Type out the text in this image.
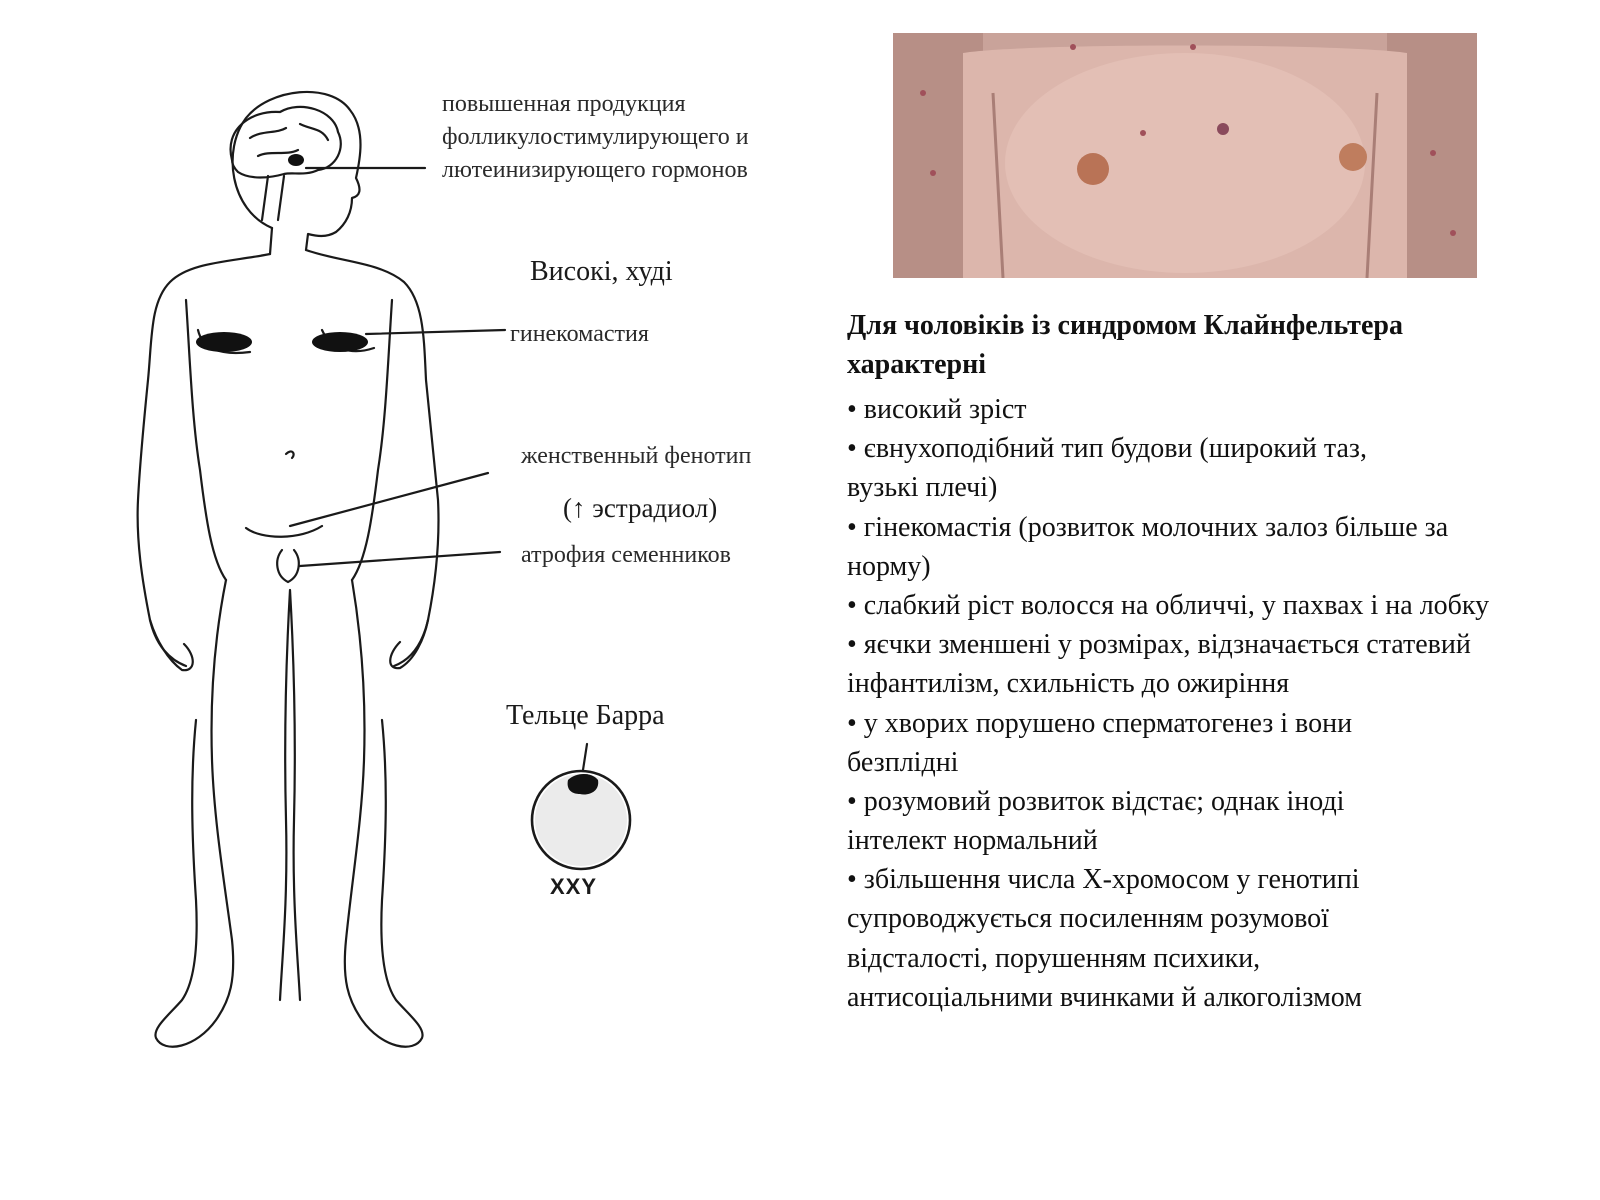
повышенная продукция фолликулостимулирующего и лютеинизирующего гормонов
Високі, худі
гинекомастия
женственный фенотип
(↑ эстрадиол)
атрофия семенников
Тельце Барра
XXY
Для чоловіків із синдромом Клайнфельтера характерні
• високий зріст
• євнухоподібний тип будови (широкий таз, вузькі плечі)
• гінекомастія (розвиток молочних залоз більше за норму)
• слабкий ріст волосся на обличчі, у пахвах і на лобку
• яєчки зменшені у розмірах, відзначається статевий інфантилізм, схильність до ожиріння
• у хворих порушено сперматогенез і вони безплідні
• розумовий розвиток відстає; однак іноді інтелект нормальний
• збільшення числа Х-хромосом у генотипі супроводжується посиленням розумової відсталості, порушенням психики, антисоціальними вчинками й алкоголізмом
